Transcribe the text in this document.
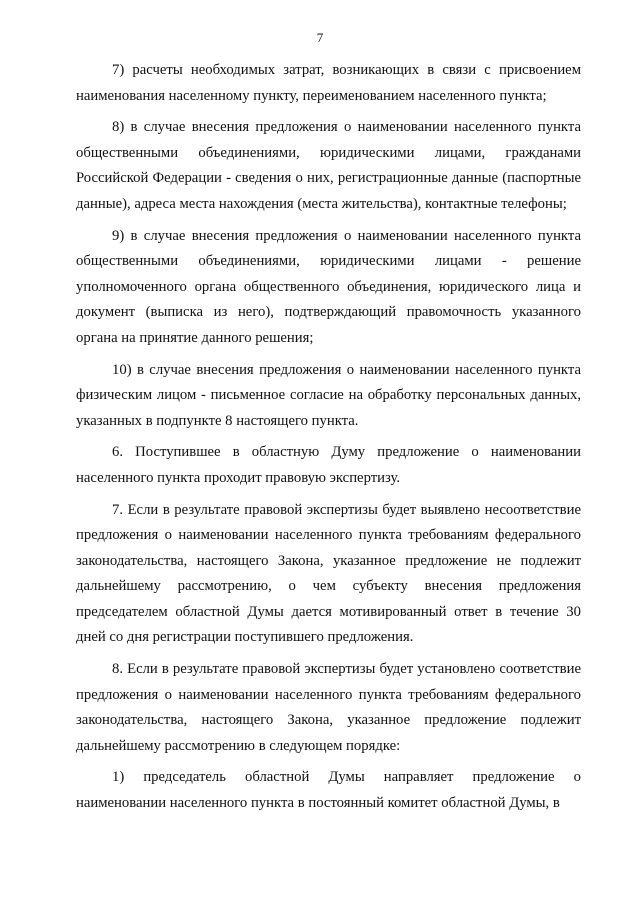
7

7) расчеты необходимых затрат, возникающих в связи с присвоением наименования населенному пункту, переименованием населенного пункта;

8) в случае внесения предложения о наименовании населенного пункта общественными объединениями, юридическими лицами, гражданами Российской Федерации - сведения о них, регистрационные данные (паспортные данные), адреса места нахождения (места жительства), контактные телефоны;

9) в случае внесения предложения о наименовании населенного пункта общественными объединениями, юридическими лицами - решение уполномоченного органа общественного объединения, юридического лица и документ (выписка из него), подтверждающий правомочность указанного органа на принятие данного решения;

10) в случае внесения предложения о наименовании населенного пункта физическим лицом - письменное согласие на обработку персональных данных, указанных в подпункте 8 настоящего пункта.

6. Поступившее в областную Думу предложение о наименовании населенного пункта проходит правовую экспертизу.

7. Если в результате правовой экспертизы будет выявлено несоответствие предложения о наименовании населенного пункта требованиям федерального законодательства, настоящего Закона, указанное предложение не подлежит дальнейшему рассмотрению, о чем субъекту внесения предложения председателем областной Думы дается мотивированный ответ в течение 30 дней со дня регистрации поступившего предложения.

8. Если в результате правовой экспертизы будет установлено соответствие предложения о наименовании населенного пункта требованиям федерального законодательства, настоящего Закона, указанное предложение подлежит дальнейшему рассмотрению в следующем порядке:

1) председатель областной Думы направляет предложение о наименовании населенного пункта в постоянный комитет областной Думы, в
